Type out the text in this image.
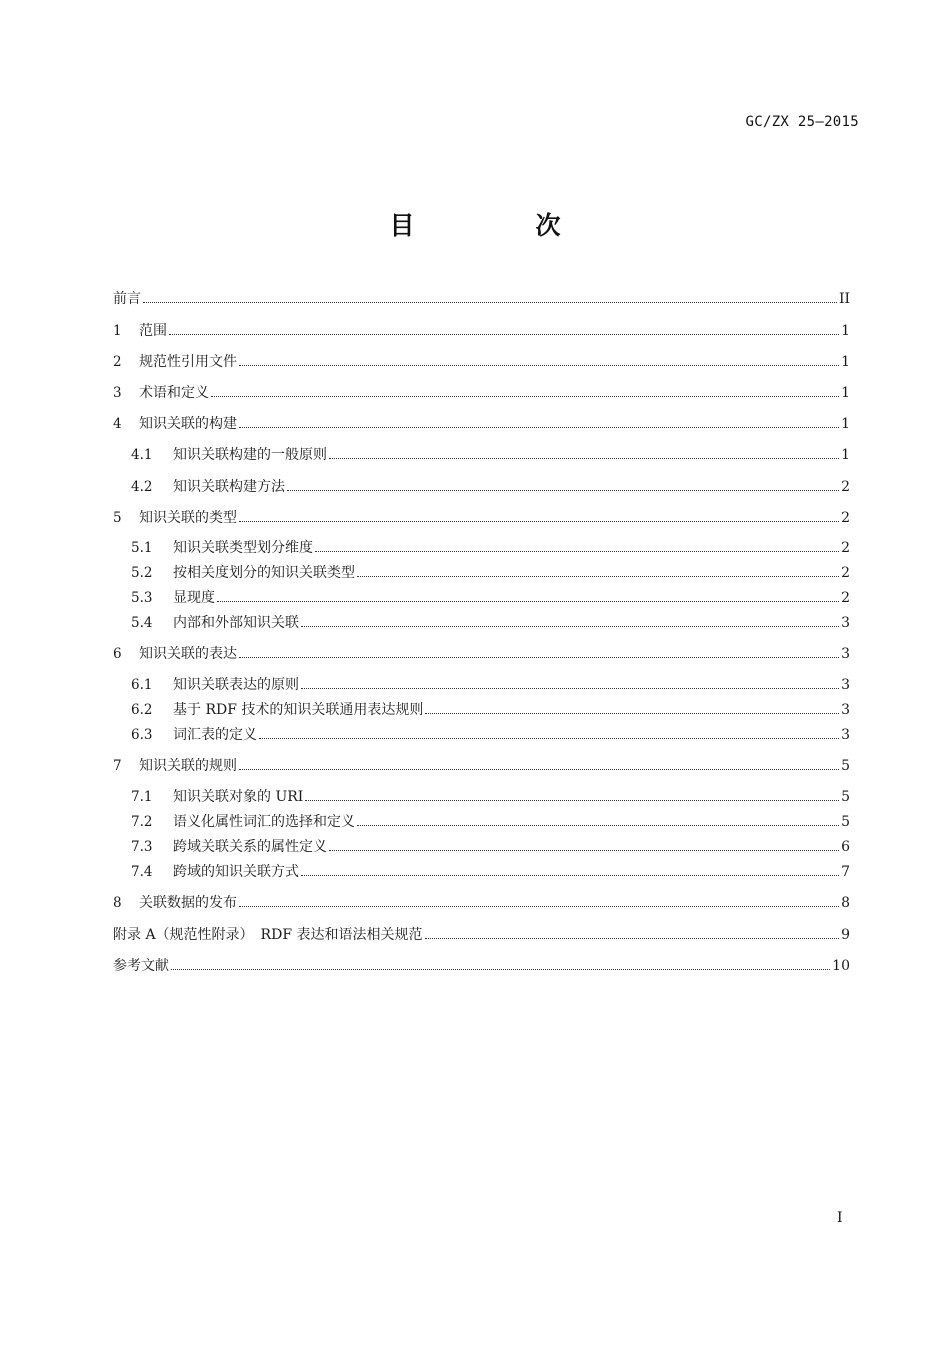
GC/ZX 25—2015
目　次
前言	II
1	范围	1
2	规范性引用文件	1
3	术语和定义	1
4	知识关联的构建	1
4.1	知识关联构建的一般原则	1
4.2	知识关联构建方法	2
5	知识关联的类型	2
5.1	知识关联类型划分维度	2
5.2	按相关度划分的知识关联类型	2
5.3	显现度	2
5.4	内部和外部知识关联	3
6	知识关联的表达	3
6.1	知识关联表达的原则	3
6.2	基于 RDF 技术的知识关联通用表达规则	3
6.3	词汇表的定义	3
7	知识关联的规则	5
7.1	知识关联对象的 URI	5
7.2	语义化属性词汇的选择和定义	5
7.3	跨域关联关系的属性定义	6
7.4	跨域的知识关联方式	7
8	关联数据的发布	8
附录 A（规范性附录）　RDF 表达和语法相关规范	9
参考文献	10
I
